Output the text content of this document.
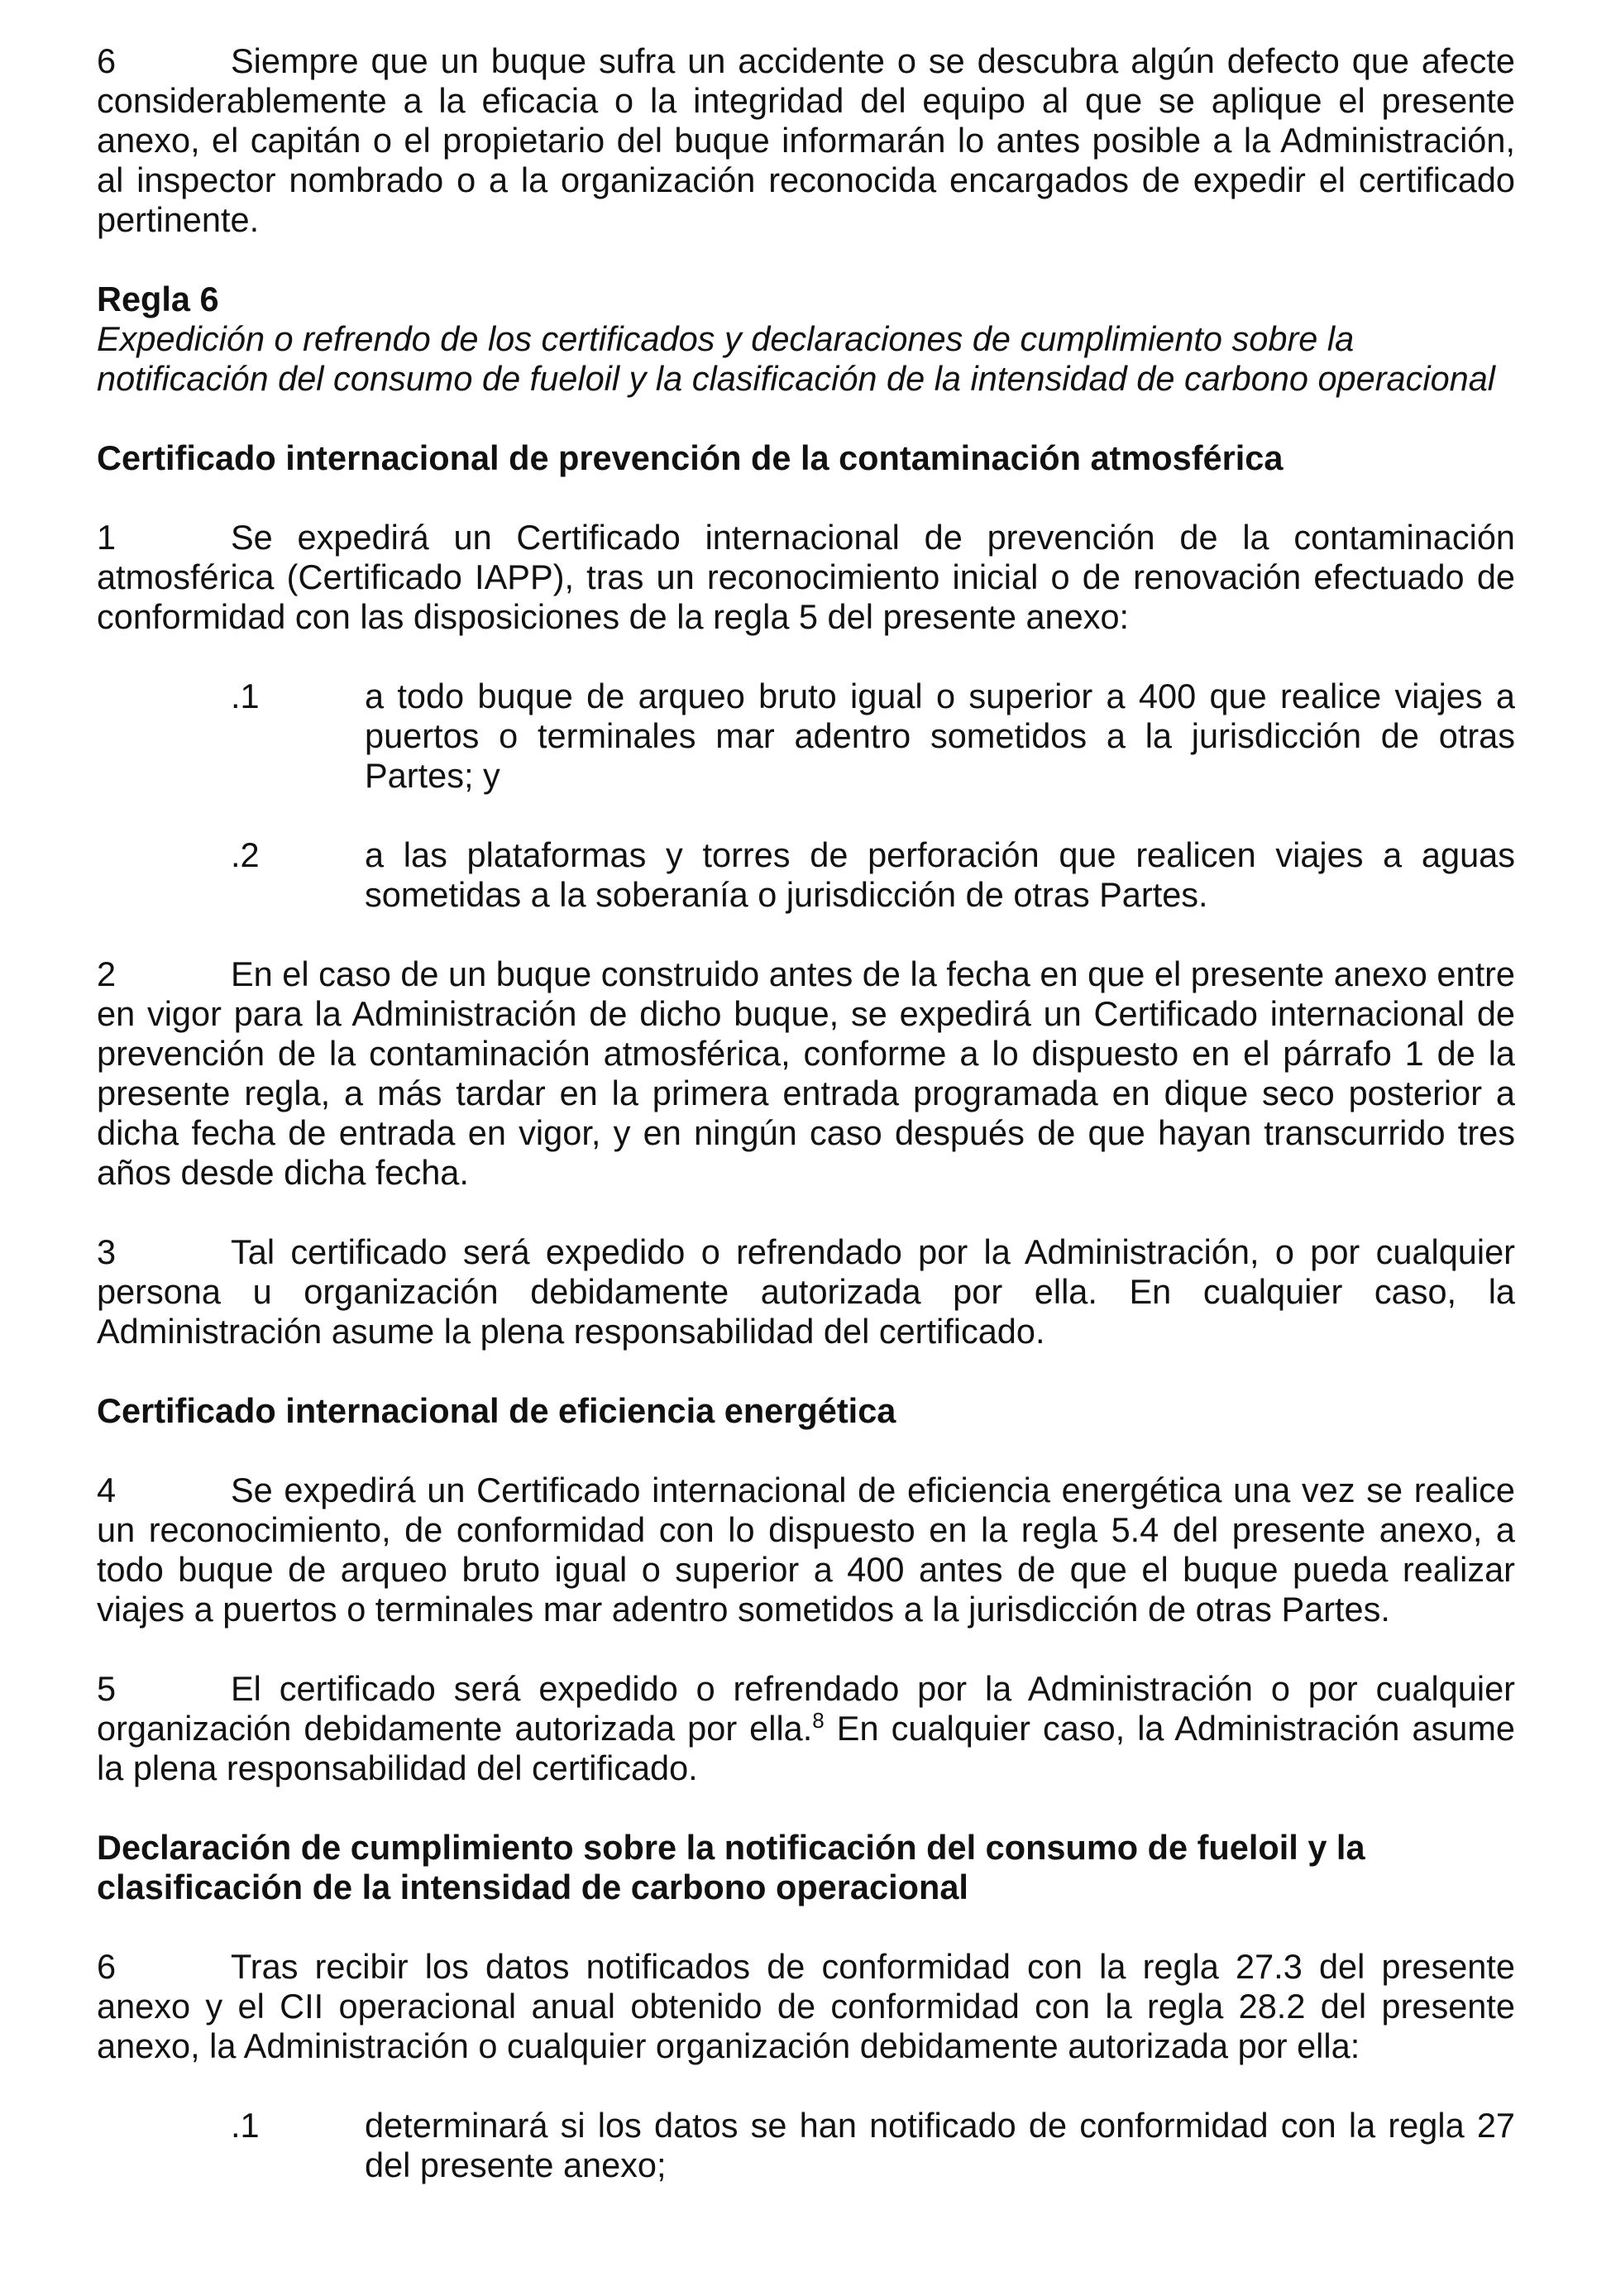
6	Siempre que un buque sufra un accidente o se descubra algún defecto que afecte considerablemente a la eficacia o la integridad del equipo al que se aplique el presente anexo, el capitán o el propietario del buque informarán lo antes posible a la Administración, al inspector nombrado o a la organización reconocida encargados de expedir el certificado pertinente.

Regla 6

Expedición o refrendo de los certificados y declaraciones de cumplimiento sobre la notificación del consumo de fueloil y la clasificación de la intensidad de carbono operacional

Certificado internacional de prevención de la contaminación atmosférica

1	Se expedirá un Certificado internacional de prevención de la contaminación atmosférica (Certificado IAPP), tras un reconocimiento inicial o de renovación efectuado de conformidad con las disposiciones de la regla 5 del presente anexo:

.1	a todo buque de arqueo bruto igual o superior a 400 que realice viajes a puertos o terminales mar adentro sometidos a la jurisdicción de otras Partes; y
.2	a las plataformas y torres de perforación que realicen viajes a aguas sometidas a la soberanía o jurisdicción de otras Partes.

2	En el caso de un buque construido antes de la fecha en que el presente anexo entre en vigor para la Administración de dicho buque, se expedirá un Certificado internacional de prevención de la contaminación atmosférica, conforme a lo dispuesto en el párrafo 1 de la presente regla, a más tardar en la primera entrada programada en dique seco posterior a dicha fecha de entrada en vigor, y en ningún caso después de que hayan transcurrido tres años desde dicha fecha.

3	Tal certificado será expedido o refrendado por la Administración, o por cualquier persona u organización debidamente autorizada por ella. En cualquier caso, la Administración asume la plena responsabilidad del certificado.

Certificado internacional de eficiencia energética

4	Se expedirá un Certificado internacional de eficiencia energética una vez se realice un reconocimiento, de conformidad con lo dispuesto en la regla 5.4 del presente anexo, a todo buque de arqueo bruto igual o superior a 400 antes de que el buque pueda realizar viajes a puertos o terminales mar adentro sometidos a la jurisdicción de otras Partes.

5	El certificado será expedido o refrendado por la Administración o por cualquier organización debidamente autorizada por ella.$^8$ En cualquier caso, la Administración asume la plena responsabilidad del certificado.

Declaración de cumplimiento sobre la notificación del consumo de fueloil y la clasificación de la intensidad de carbono operacional

6	Tras recibir los datos notificados de conformidad con la regla 27.3 del presente anexo y el CII operacional anual obtenido de conformidad con la regla 28.2 del presente anexo, la Administración o cualquier organización debidamente autorizada por ella:

.1	determinará si los datos se han notificado de conformidad con la regla 27 del presente anexo;
